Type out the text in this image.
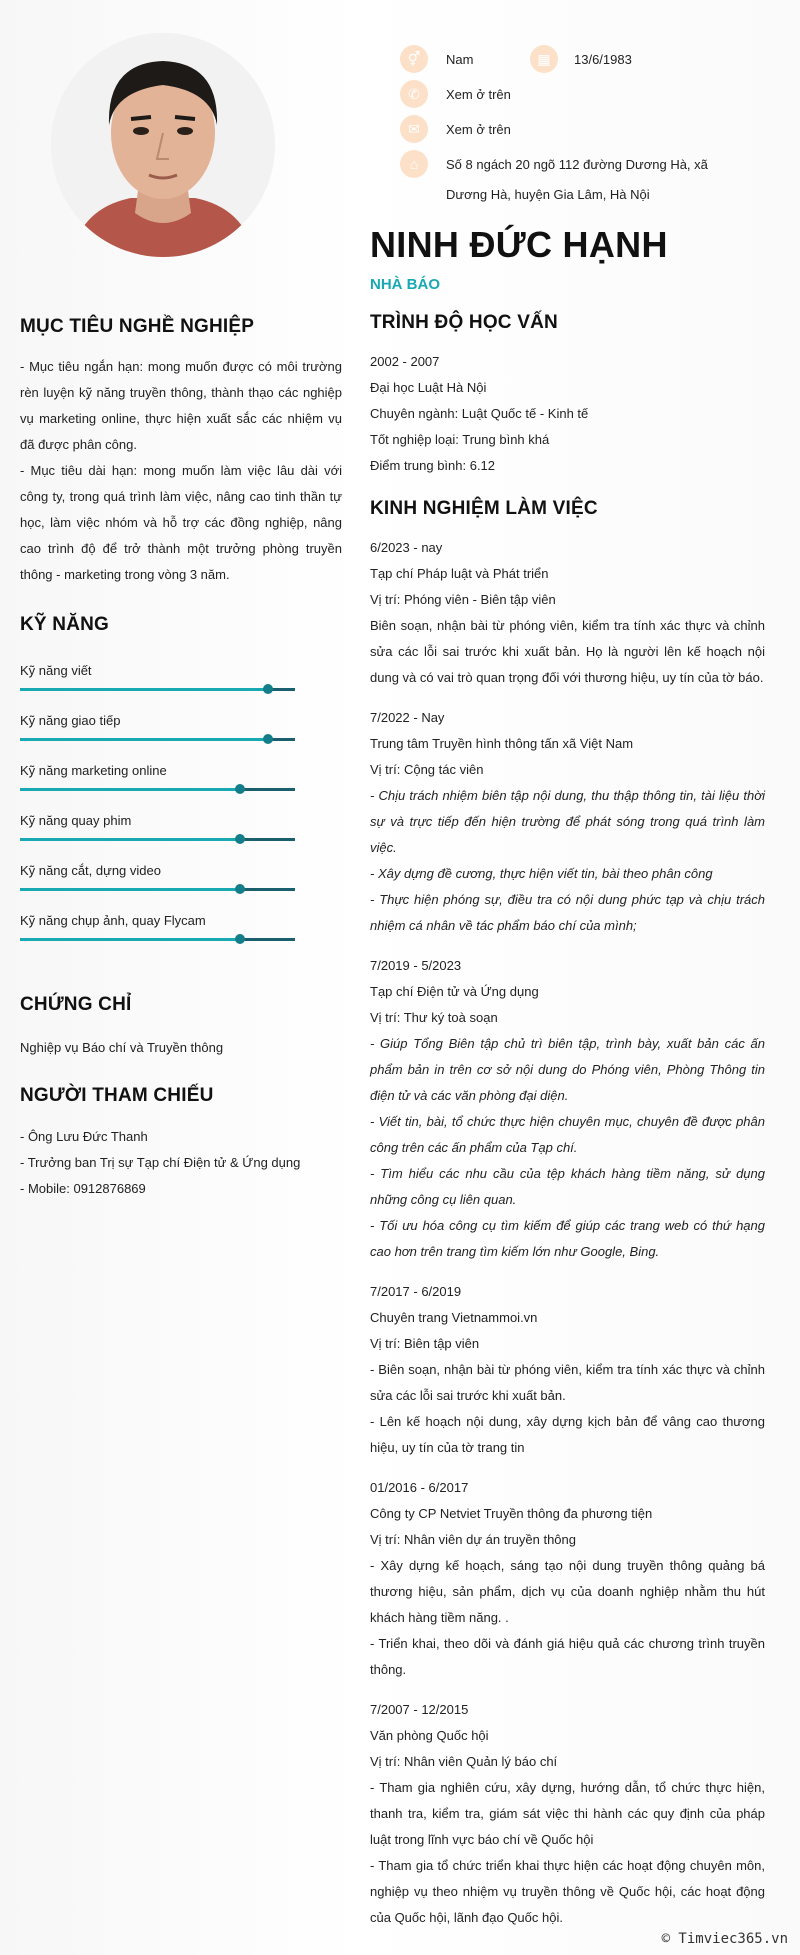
⚥	Nam	▦	13/6/1983
✆	Xem ở trên
✉	Xem ở trên
⌂	Số 8 ngách 20 ngõ 112 đường Dương Hà, xã
Dương Hà, huyện Gia Lâm, Hà Nội
NINH ĐỨC HẠNH
NHÀ BÁO
MỤC TIÊU NGHỀ NGHIỆP

- Mục tiêu ngắn hạn: mong muốn được có môi trường rèn luyện kỹ năng truyền thông, thành thạo các nghiệp vụ marketing online, thực hiện xuất sắc các nhiệm vụ đã được phân công.

- Mục tiêu dài hạn: mong muốn làm việc lâu dài với công ty, trong quá trình làm việc, nâng cao tinh thần tự học, làm việc nhóm và hỗ trợ các đồng nghiệp, nâng cao trình độ để trở thành một trưởng phòng truyền thông - marketing trong vòng 3 năm.

KỸ NĂNG
Kỹ năng viết
Kỹ năng giao tiếp
Kỹ năng marketing online
Kỹ năng quay phim
Kỹ năng cắt, dựng video
Kỹ năng chụp ảnh, quay Flycam
CHỨNG CHỈ

Nghiệp vụ Báo chí và Truyền thông

NGƯỜI THAM CHIẾU

- Ông Lưu Đức Thanh

- Trưởng ban Trị sự Tạp chí Điện tử & Ứng dụng

- Mobile: 0912876869

TRÌNH ĐỘ HỌC VẤN

2002 - 2007

Đại học Luật Hà Nội

Chuyên ngành: Luật Quốc tế - Kinh tế

Tốt nghiệp loại: Trung bình khá

Điểm trung bình: 6.12

KINH NGHIỆM LÀM VIỆC

6/2023 - nay

Tạp chí Pháp luật và Phát triển

Vị trí: Phóng viên - Biên tập viên

Biên soạn, nhận bài từ phóng viên, kiểm tra tính xác thực và chỉnh sửa các lỗi sai trước khi xuất bản. Họ là người lên kế hoạch nội dung và có vai trò quan trọng đối với thương hiệu, uy tín của tờ báo.

7/2022 - Nay

Trung tâm Truyền hình thông tấn xã Việt Nam

Vị trí: Cộng tác viên

- Chịu trách nhiệm biên tập nội dung, thu thập thông tin, tài liệu thời sự và trực tiếp đến hiện trường để phát sóng trong quá trình làm việc.

- Xây dựng đề cương, thực hiện viết tin, bài theo phân công

- Thực hiện phóng sự, điều tra có nội dung phức tạp và chịu trách nhiệm cá nhân về tác phẩm báo chí của mình;

7/2019 - 5/2023

Tạp chí Điện tử và Ứng dụng

Vị trí: Thư ký toà soạn

- Giúp Tổng Biên tập chủ trì biên tập, trình bày, xuất bản các ấn phẩm bản in trên cơ sở nội dung do Phóng viên, Phòng Thông tin điện tử và các văn phòng đại diện.

- Viết tin, bài, tổ chức thực hiện chuyên mục, chuyên đề được phân công trên các ấn phẩm của Tạp chí.

- Tìm hiểu các nhu cầu của tệp khách hàng tiềm năng, sử dụng những công cụ liên quan.

- Tối ưu hóa công cụ tìm kiếm để giúp các trang web có thứ hạng cao hơn trên trang tìm kiếm lớn như Google, Bing.

7/2017 - 6/2019

Chuyên trang Vietnammoi.vn

Vị trí: Biên tập viên

- Biên soạn, nhận bài từ phóng viên, kiểm tra tính xác thực và chỉnh sửa các lỗi sai trước khi xuất bản.

- Lên kế hoạch nội dung, xây dựng kịch bản để vâng cao thương hiệu, uy tín của tờ trang tin

01/2016 - 6/2017

Công ty CP Netviet Truyền thông đa phương tiện

Vị trí: Nhân viên dự án truyền thông

- Xây dựng kế hoạch, sáng tạo nội dung truyền thông quảng bá thương hiệu, sản phẩm, dịch vụ của doanh nghiệp nhằm thu hút khách hàng tiềm năng. .

- Triển khai, theo dõi và đánh giá hiệu quả các chương trình truyền thông.

7/2007 - 12/2015

Văn phòng Quốc hội

Vị trí: Nhân viên Quản lý báo chí

- Tham gia nghiên cứu, xây dựng, hướng dẫn, tổ chức thực hiện, thanh tra, kiểm tra, giám sát việc thi hành các quy định của pháp luật trong lĩnh vực báo chí về Quốc hội

- Tham gia tổ chức triển khai thực hiện các hoạt động chuyên môn, nghiệp vụ theo nhiệm vụ truyền thông về Quốc hội, các hoạt động của Quốc hội, lãnh đạo Quốc hội.

© Timviec365.vn
